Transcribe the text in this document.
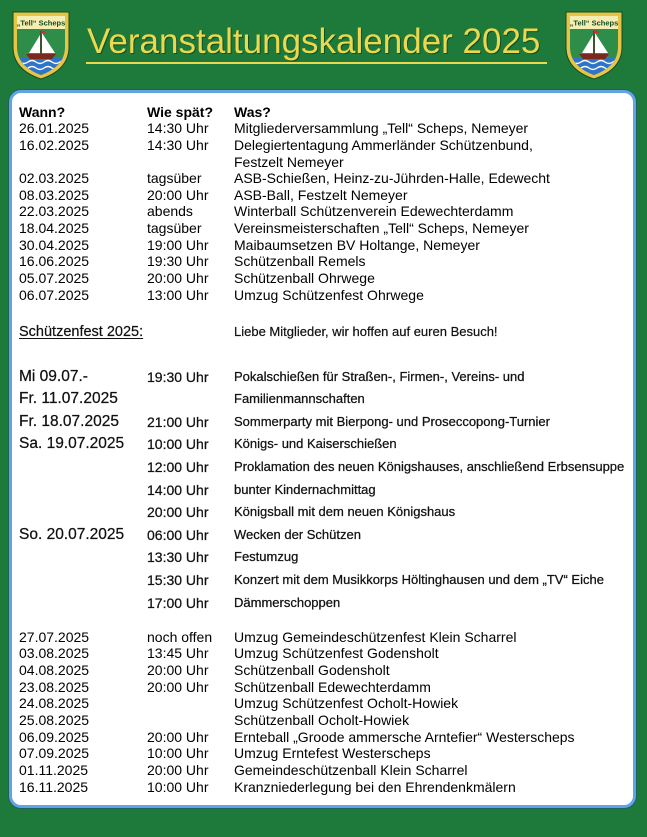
„Tell“ Scheps Veranstaltungskalender 2025	„Tell“ Scheps
Wann?	Wie spät?	Was?
26.01.2025	14:30 Uhr	Mitgliederversammlung „Tell“ Scheps, Nemeyer
16.02.2025	14:30 Uhr	Delegiertentagung Ammerländer Schützenbund,
Festzelt Nemeyer
02.03.2025	tagsüber	ASB-Schießen, Heinz-zu-Jührden-Halle, Edewecht
08.03.2025	20:00 Uhr	ASB-Ball, Festzelt Nemeyer
22.03.2025	abends	Winterball Schützenverein Edewechterdamm
18.04.2025	tagsüber	Vereinsmeisterschaften „Tell“ Scheps, Nemeyer
30.04.2025	19:00 Uhr	Maibaumsetzen BV Holtange, Nemeyer
16.06.2025	19:30 Uhr	Schützenball Remels
05.07.2025	20:00 Uhr	Schützenball Ohrwege
06.07.2025	13:00 Uhr	Umzug Schützenfest Ohrwege
Schützenfest 2025:	Liebe Mitglieder, wir hoffen auf euren Besuch!
Mi 09.07.-
Fr. 11.07.2025
19:30 Uhr	Pokalschießen für Straßen-, Firmen-, Vereins- und
Familienmannschaften
Fr. 18.07.2025	21:00 Uhr	Sommerparty mit Bierpong- und Proseccopong-Turnier
Sa. 19.07.2025	10:00 Uhr	Königs- und Kaiserschießen
12:00 Uhr	Proklamation des neuen Königshauses, anschließend Erbsensuppe
14:00 Uhr	bunter Kindernachmittag
20:00 Uhr	Königsball mit dem neuen Königshaus
So. 20.07.2025	06:00 Uhr	Wecken der Schützen
13:30 Uhr	Festumzug
15:30 Uhr	Konzert mit dem Musikkorps Höltinghausen und dem „TV“ Eiche
17:00 Uhr	Dämmerschoppen
27.07.2025	noch offen	Umzug Gemeindeschützenfest Klein Scharrel
03.08.2025	13:45 Uhr	Umzug Schützenfest Godensholt
04.08.2025	20:00 Uhr	Schützenball Godensholt
23.08.2025	20:00 Uhr	Schützenball Edewechterdamm
24.08.2025	Umzug Schützenfest Ocholt-Howiek
25.08.2025	Schützenball Ocholt-Howiek
06.09.2025	20:00 Uhr	Ernteball „Groode ammersche Arntefier“ Westerscheps
07.09.2025	10:00 Uhr	Umzug Erntefest Westerscheps
01.11.2025	20:00 Uhr	Gemeindeschützenball Klein Scharrel
16.11.2025	10:00 Uhr	Kranzniederlegung bei den Ehrendenkmälern
